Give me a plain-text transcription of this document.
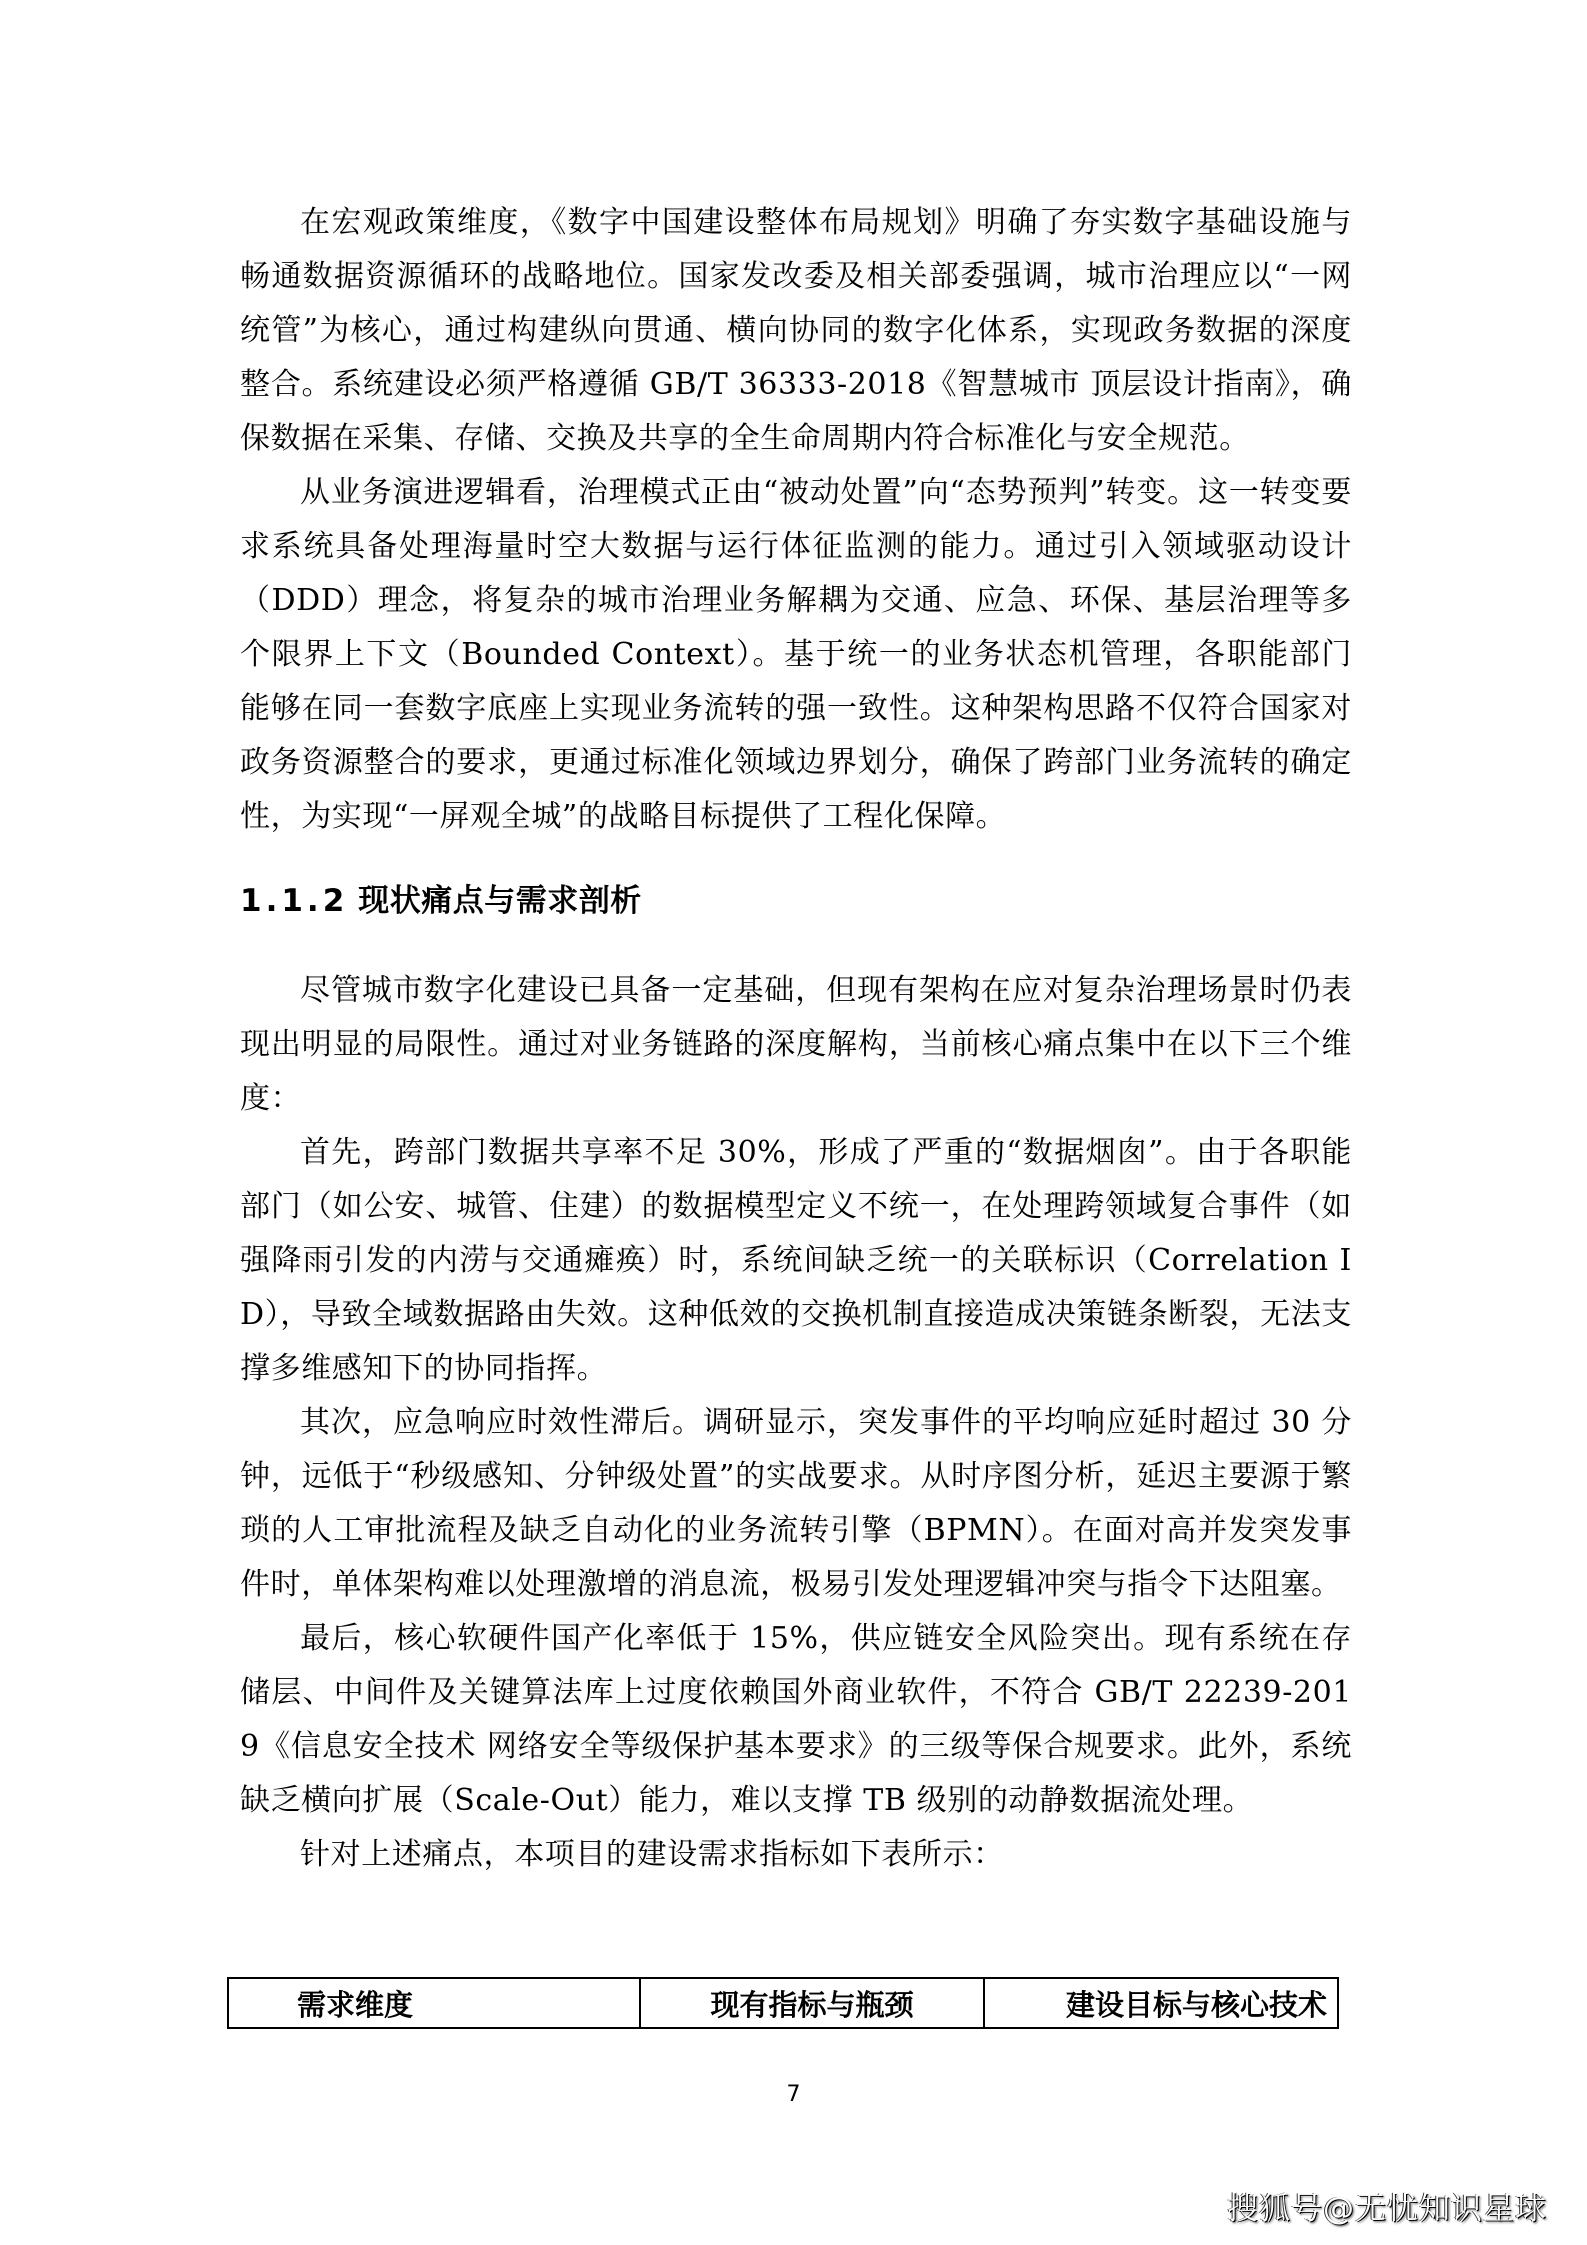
在宏观政策维度，《数字中国建设整体布局规划》明确了夯实数字基础设施与畅通数据资源循环的战略地位。国家发改委及相关部委强调，城市治理应以“一网统管”为核心，通过构建纵向贯通、横向协同的数字化体系，实现政务数据的深度整合。系统建设必须严格遵循 GB/T 36333-2018《智慧城市 顶层设计指南》，确保数据在采集、存储、交换及共享的全生命周期内符合标准化与安全规范。

从业务演进逻辑看，治理模式正由“被动处置”向“态势预判”转变。这一转变要求系统具备处理海量时空大数据与运行体征监测的能力。通过引入领域驱动设计（DDD）理念，将复杂的城市治理业务解耦为交通、应急、环保、基层治理等多个限界上下文（Bounded Context）。基于统一的业务状态机管理，各职能部门能够在同一套数字底座上实现业务流转的强一致性。这种架构思路不仅符合国家对政务资源整合的要求，更通过标准化领域边界划分，确保了跨部门业务流转的确定性，为实现“一屏观全城”的战略目标提供了工程化保障。

1.1.2 现状痛点与需求剖析

尽管城市数字化建设已具备一定基础，但现有架构在应对复杂治理场景时仍表现出明显的局限性。通过对业务链路的深度解构，当前核心痛点集中在以下三个维度：

首先，跨部门数据共享率不足 30%，形成了严重的“数据烟囱”。由于各职能部门（如公安、城管、住建）的数据模型定义不统一，在处理跨领域复合事件（如强降雨引发的内涝与交通瘫痪）时，系统间缺乏统一的关联标识（Correlation ID），导致全域数据路由失效。这种低效的交换机制直接造成决策链条断裂，无法支撑多维感知下的协同指挥。

其次，应急响应时效性滞后。调研显示，突发事件的平均响应延时超过 30 分钟，远低于“秒级感知、分钟级处置”的实战要求。从时序图分析，延迟主要源于繁琐的人工审批流程及缺乏自动化的业务流转引擎（BPMN）。在面对高并发突发事件时，单体架构难以处理激增的消息流，极易引发处理逻辑冲突与指令下达阻塞。

最后，核心软硬件国产化率低于 15%，供应链安全风险突出。现有系统在存储层、中间件及关键算法库上过度依赖国外商业软件，不符合 GB/T 22239-2019《信息安全技术 网络安全等级保护基本要求》的三级等保合规要求。此外，系统缺乏横向扩展（Scale-Out）能力，难以支撑 TB 级别的动静数据流处理。

针对上述痛点，本项目的建设需求指标如下表所示：

需求维度	现有指标与瓶颈	建设目标与核心技术
7
搜狐号@无忧知识星球
